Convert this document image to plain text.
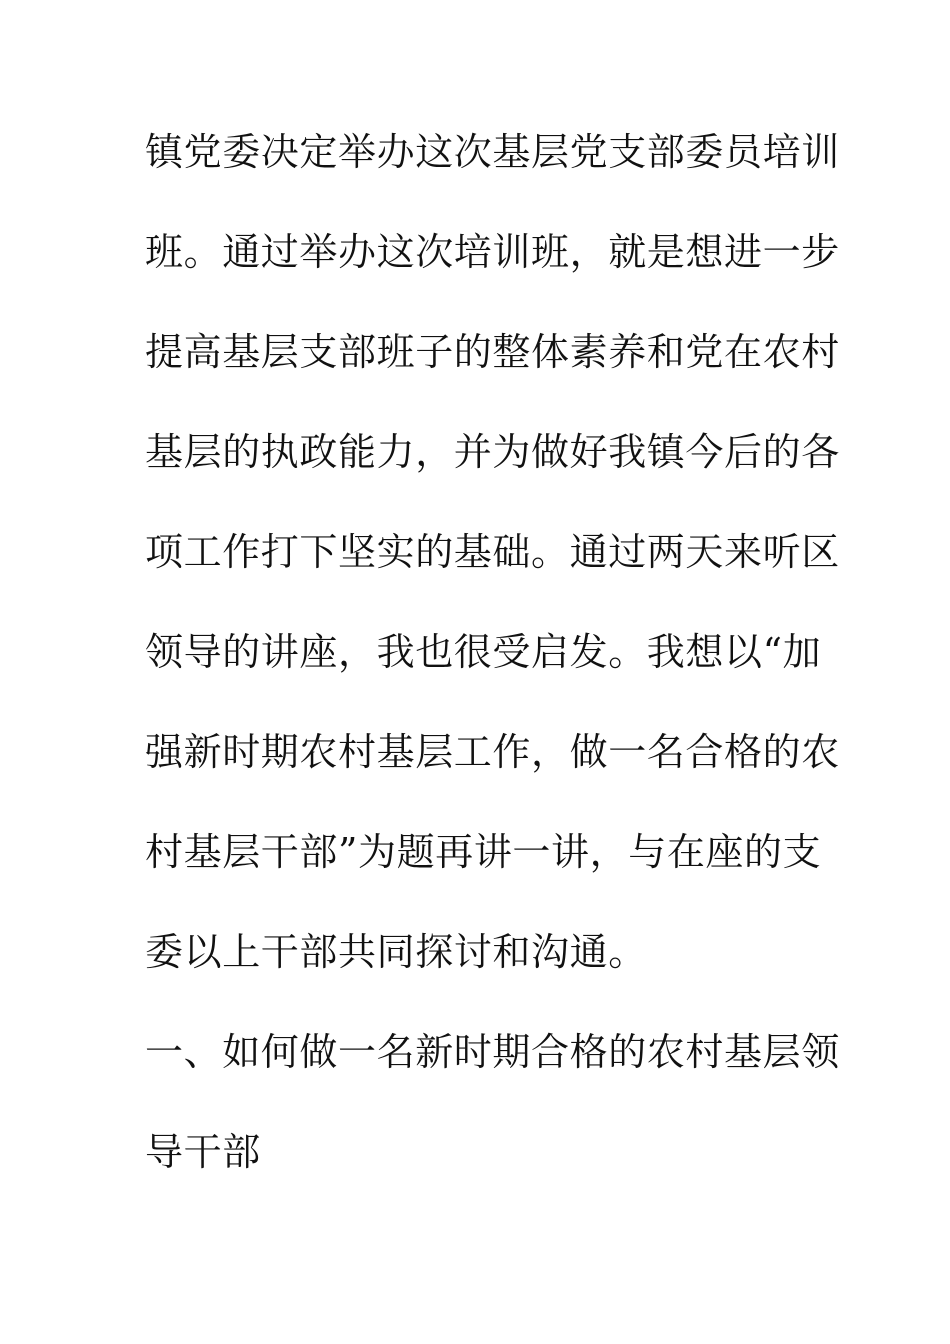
镇党委决定举办这次基层党支部委员培训
班。通过举办这次培训班，就是想进一步
提高基层支部班子的整体素养和党在农村
基层的执政能力，并为做好我镇今后的各
项工作打下坚实的基础。通过两天来听区
领导的讲座，我也很受启发。我想以“加
强新时期农村基层工作，做一名合格的农
村基层干部”为题再讲一讲，与在座的支
委以上干部共同探讨和沟通。
一、如何做一名新时期合格的农村基层领
导干部
